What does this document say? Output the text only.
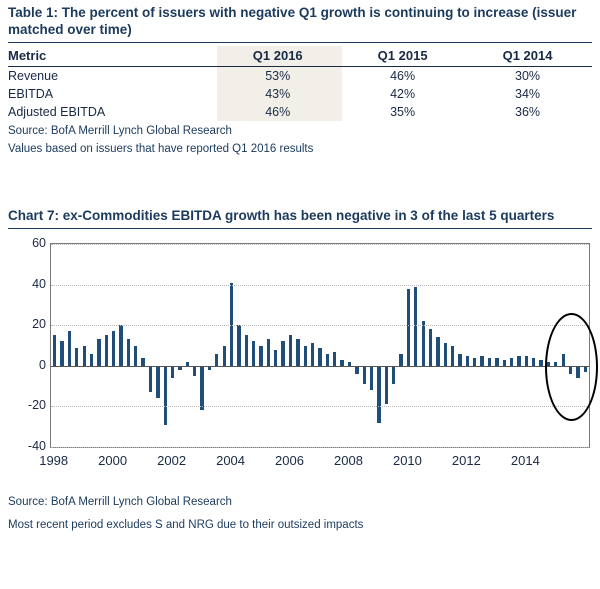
Table 1: The percent of issuers with negative Q1 growth is continuing to increase (issuer matched over time)
Metric	Q1 2016	Q1 2015	Q1 2014
Revenue	53%	46%	30%
EBITDA	43%	42%	34%
Adjusted EBITDA	46%	35%	36%
Source: BofA Merrill Lynch Global Research
Values based on issuers that have reported Q1 2016 results
Chart 7: ex-Commodities EBITDA growth has been negative in 3 of the last 5 quarters
-40
-20
0
20
40
60
1998 2000 2002 2004 2006 2008 2010 2012 2014
Source: BofA Merrill Lynch Global Research
Most recent period excludes S and NRG due to their outsized impacts
